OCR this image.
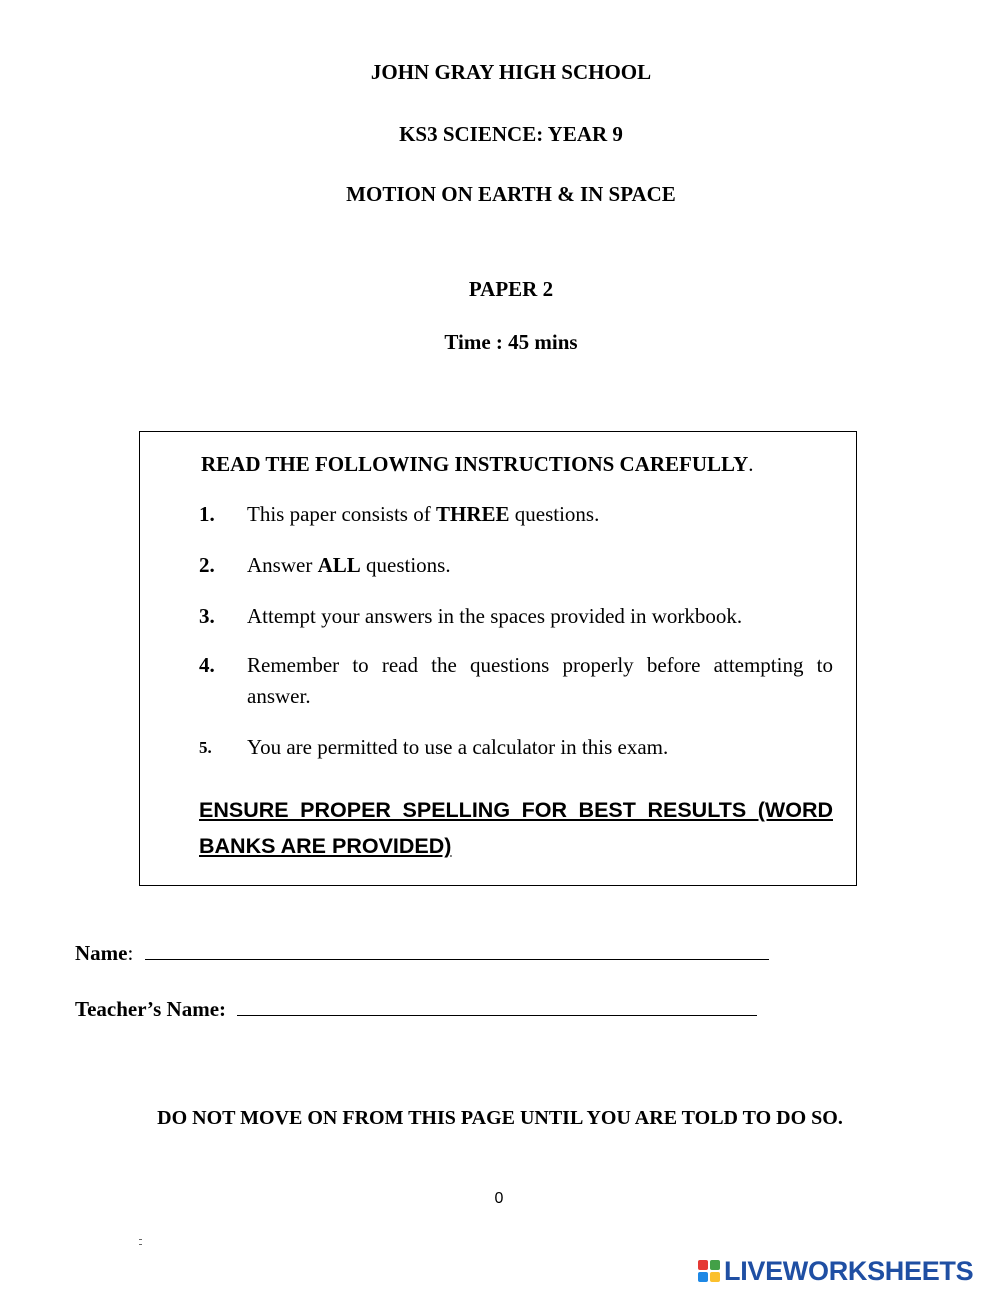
JOHN GRAY HIGH SCHOOL
KS3 SCIENCE: YEAR 9
MOTION ON EARTH & IN SPACE
PAPER 2
Time : 45 mins
READ THE FOLLOWING INSTRUCTIONS CAREFULLY.
1. This paper consists of THREE questions.
2. Answer ALL questions.
3. Attempt your answers in the spaces provided in workbook.
4. Remember to read the questions properly before attempting to answer.
5. You are permitted to use a calculator in this exam.
ENSURE PROPER SPELLING FOR BEST RESULTS (WORD BANKS ARE PROVIDED)
Name:
Teacher’s Name:
DO NOT MOVE ON FROM THIS PAGE UNTIL YOU ARE TOLD TO DO SO.
0
LIVEWORKSHEETS
